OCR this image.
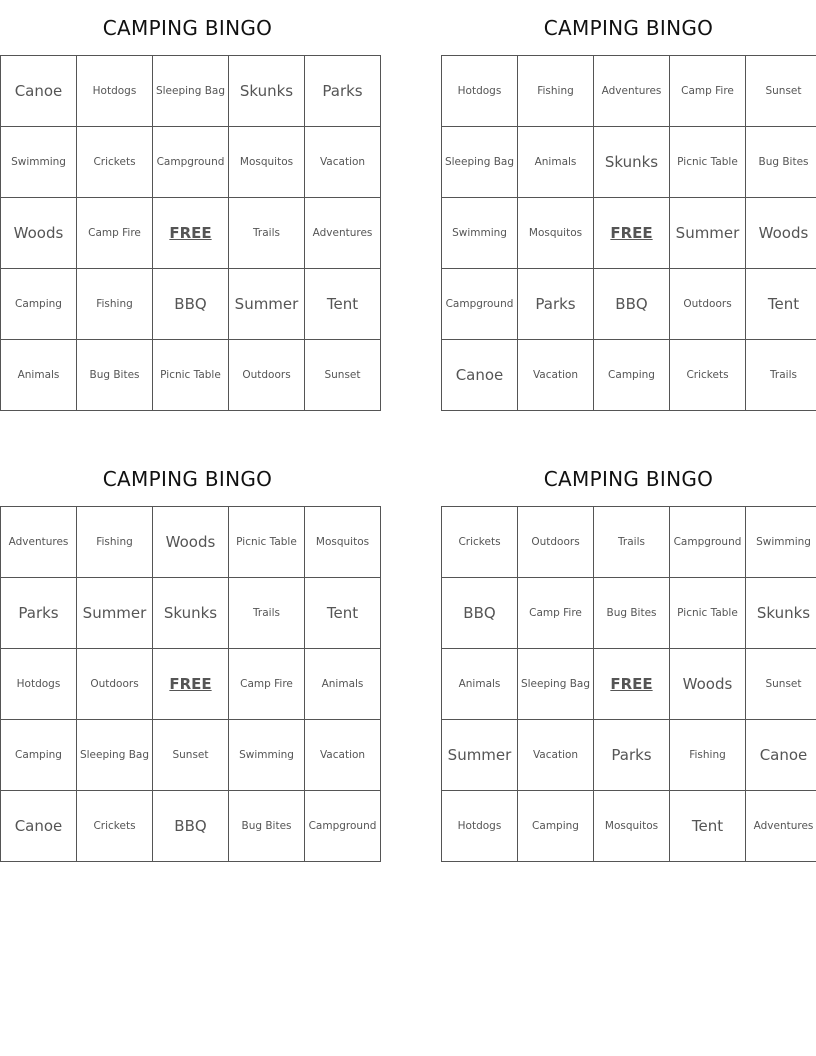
CAMPING BINGO
Canoe	Hotdogs	Sleeping Bag	Skunks	Parks
Swimming	Crickets	Campground	Mosquitos	Vacation
Woods	Camp Fire	FREE	Trails	Adventures
Camping	Fishing	BBQ	Summer	Tent
Animals	Bug Bites	Picnic Table	Outdoors	Sunset
CAMPING BINGO
Hotdogs	Fishing	Adventures	Camp Fire	Sunset
Sleeping Bag	Animals	Skunks	Picnic Table	Bug Bites
Swimming	Mosquitos	FREE	Summer	Woods
Campground	Parks	BBQ	Outdoors	Tent
Canoe	Vacation	Camping	Crickets	Trails
CAMPING BINGO
Adventures	Fishing	Woods	Picnic Table	Mosquitos
Parks	Summer	Skunks	Trails	Tent
Hotdogs	Outdoors	FREE	Camp Fire	Animals
Camping	Sleeping Bag	Sunset	Swimming	Vacation
Canoe	Crickets	BBQ	Bug Bites	Campground
CAMPING BINGO
Crickets	Outdoors	Trails	Campground	Swimming
BBQ	Camp Fire	Bug Bites	Picnic Table	Skunks
Animals	Sleeping Bag	FREE	Woods	Sunset
Summer	Vacation	Parks	Fishing	Canoe
Hotdogs	Camping	Mosquitos	Tent	Adventures
